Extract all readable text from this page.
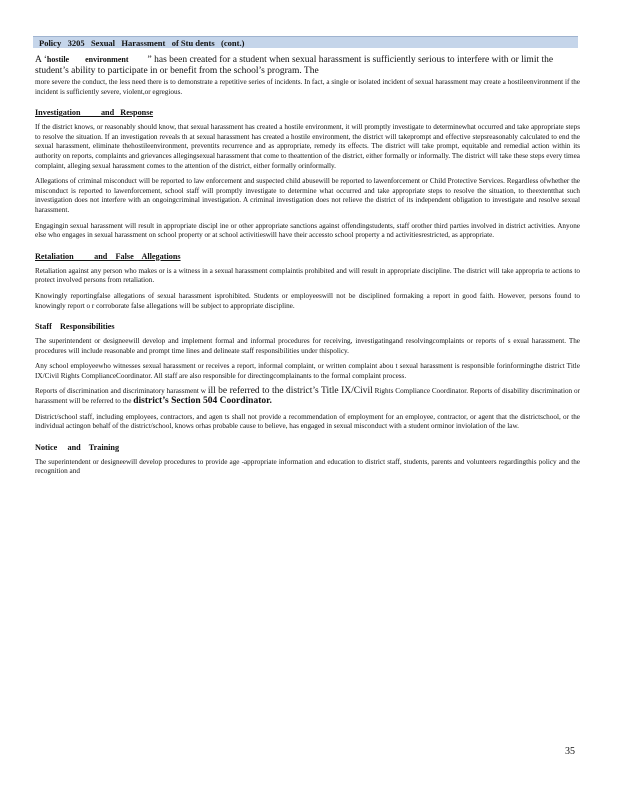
Policy   3205   Sexual   Harassment   of Stu dents   (cont.)
A ‘hostile        environment        ” has been created for a student when sexual harassment is sufficiently serious to interfere with or limit the student’s ability to participate in or benefit from the school’s program. The

more severe the conduct, the less need there is to demonstrate a repetitive series of incidents. In fact, a single or isolated incident of sexual harassment may create a hostileenvironment if the incident is sufficiently severe, violent,or egregious.

Investigation          and   Response

If the district knows, or reasonably should know, that sexual harassment has created a hostile environment, it will promptly investigate to determinewhat occurred and take appropriate steps to resolve the situation. If an investigation reveals th at sexual harassment has created a hostile environment, the district will takeprompt and effective stepsreasonably calculated to end the sexual harassment, eliminate thehostileenvironment, preventits recurrence and as appropriate, remedy its effects. The district will take prompt, equitable and remedial action within its authority on reports, complaints and grievances allegingsexual harassment that come to theattention of the district, either formally or informally. The district will take these steps every timea complaint, alleging sexual harassment comes to the attention of the district, either formally orinformally.

Allegations of criminal misconduct will be reported to law enforcement and suspected child abusewill be reported to lawenforcement or Child Protective Services. Regardless ofwhether the misconduct is reported to lawenforcement, school staff will promptly investigate to determine what occurred and take appropriate steps to resolve the situation, to theextentthat such investigation does not interfere with an ongoingcriminal investigation. A criminal investigation does not relieve the district of its independent obligation to investigate and resolve sexual harassment.

Engagingin sexual harassment will result in appropriate discipl ine or other appropriate sanctions against offendingstudents, staff orother third parties involved in district activities. Anyone else who engages in sexual harassment on school property or at school activitieswill have their accessto school property a nd activitiesrestricted, as appropriate.

Retaliation          and    False    Allegations

Retaliation against any person who makes or is a witness in a sexual harassment complaintis prohibited and will result in appropriate discipline. The district will take appropria te actions to protect involved persons from retaliation.

Knowingly reportingfalse allegations of sexual harassment isprohibited. Students or employeeswill not be disciplined formaking a report in good faith. However, persons found to knowingly report o r corroborate false allegations will be subject to appropriate discipline.

Staff    Responsibilities

The superintendent or designeewill develop and implement formal and informal procedures for receiving, investigatingand resolvingcomplaints or reports of s exual harassment. The procedures will include reasonable and prompt time lines and delineate staff responsibilities under thispolicy.

Any school employeewho witnesses sexual harassment or receives a report, informal complaint, or written complaint abou t sexual harassment is responsible forinformingthe district Title IX/Civil Rights ComplianceCoordinator. All staff are also responsible for directingcomplainants to the formal complaint process.

Reports of discrimination and discriminatory harassment w ill be referred to the district’s Title IX/Civil Rights Compliance Coordinator. Reports of disability discrimination or harassment will be referred to the district’s Section 504 Coordinator.

District/school staff, including employees, contractors, and agen ts shall not provide a recommendation of employment for an employee, contractor, or agent that the districtschool, or the individual actingon behalf of the district/school, knows orhas probable cause to believe, has engaged in sexual misconduct with a student orminor inviolation of the law.

Notice     and    Training

The superintendent or designeewill develop procedures to provide age -appropriate information and education to district staff, students, parents and volunteers regardingthis policy and the recognition and

35
